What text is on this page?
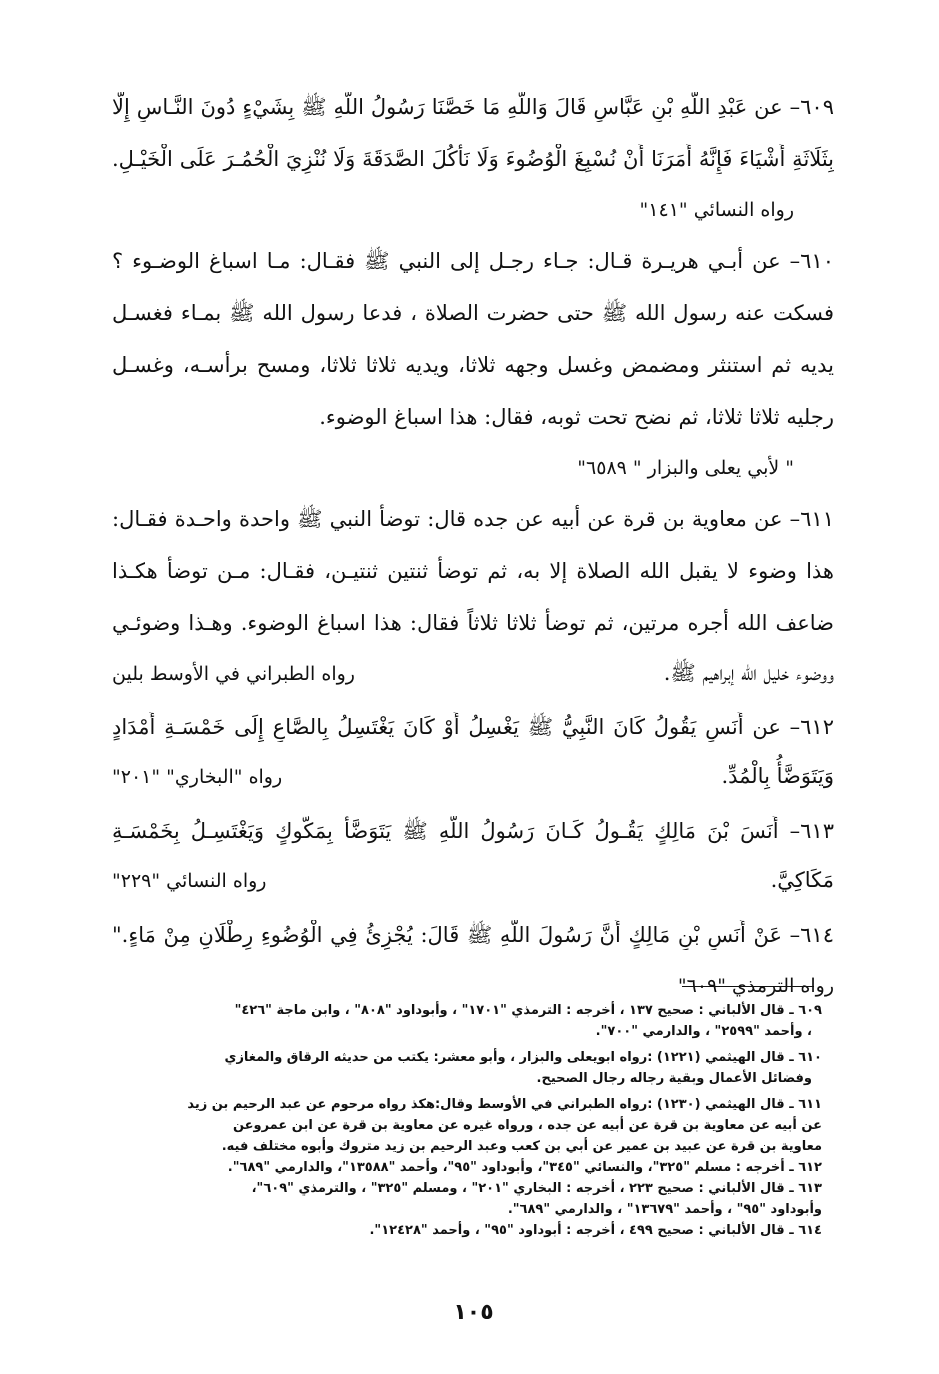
٦٠٩– عن عَبْدِ اللَّهِ بْنِ عَبَّاسٍ قَالَ وَاللَّهِ مَا خَصَّنَا رَسُولُ اللَّهِ ﷺ بِشَيْءٍ دُونَ النَّـاسِ إِلَّا
بِثَلَاثَةِ أَشْيَاءَ فَإِنَّهُ أَمَرَنَا أَنْ نُسْبِغَ الْوُضُوءَ وَلَا نَأْكُلَ الصَّدَقَةَ وَلَا نُنْزِيَ الْحُمُـرَ عَلَى الْخَيْـلِ.
رواه النسائي "١٤١"
٦١٠– عن أبـي هريـرة قـال: جـاء رجـل إلى النبي ﷺ فقـال: مـا اسباغ الوضـوء ؟
فسكت عنه رسول الله ﷺ حتى حضرت الصلاة ، فدعا رسول الله ﷺ بمـاء فغسـل
يديه ثم استنثر ومضمض وغسل وجهه ثلاثا، ويديه ثلاثا ثلاثا، ومسح برأسـه، وغسـل
رجليه ثلاثا ثلاثا، ثم نضح تحت ثوبه، فقال: هذا اسباغ الوضوء.
" لأبي يعلى والبزار " ٦٥٨٩"
٦١١– عن معاوية بن قرة عن أبيه عن جده قال: توضأ النبي ﷺ واحدة واحـدة فقـال:
هذا وضوء لا يقبل الله الصلاة إلا به، ثم توضأ ثنتين ثنتيـن، فقـال: مـن توضأ هكـذا
ضاعف الله أجره مرتين، ثم توضأ ثلاثا ثلاثاً فقال: هذا اسباغ الوضوء. وهـذا وضوئـي
ووضوء خليل الله إبراهيم ﷺ.
رواه الطبراني في الأوسط بلين
٦١٢– عن أَنَسٍ يَقُولُ كَانَ النَّبِيُّ ﷺ يَغْسِلُ أَوْ كَانَ يَغْتَسِلُ بِالصَّاعِ إِلَى خَمْسَـةِ أَمْدَادٍ
وَيَتَوَضَّأُ بِالْمُدِّ.
رواه "البخاري" "٢٠١"
٦١٣– أَنَسَ بْنَ مَالِكٍ يَقُـولُ كَـانَ رَسُولُ اللَّهِ ﷺ يَتَوَضَّأُ بِمَكُّوكٍ وَيَغْتَسِـلُ بِخَمْسَـةِ
مَكَاكِيَّ.
رواه النسائي "٢٢٩"
٦١٤– عَنْ أَنَسِ بْنِ مَالِكٍ أَنَّ رَسُولَ اللَّهِ ﷺ قَالَ: يُجْزِئُ فِي الْوُضُوءِ رِطْلَانِ مِنْ مَاءٍ."
رواه الترمذي "٦٠٩"
٦٠٩ ـ قال الألباني : صحيح ١٣٧ ، أخرجه : الترمذي "١٧٠١" ، وأبوداود "٨٠٨" ، وابن ماجة "٤٢٦"
، وأحمد "٢٥٩٩" ، والدارمي "٧٠٠".
٦١٠ ـ قال الهيثمي (١٢٢١) :رواه ابويعلى والبزار ، وأبو معشر: يكتب من حديثه الرقاق والمغازي
وفضائل الأعمال وبقية رجاله رجال الصحيح.
٦١١ ـ قال الهيثمي (١٢٣٠) :رواه الطبراني في الأوسط وقال:هكذ رواه مرحوم عن عبد الرحيم بن زيد
عن أبيه عن معاوية بن قرة عن أبيه عن جده ، ورواه غيره عن معاوية بن قرة عن ابن عمروعن
معاوية بن قرة عن عبيد بن عمير عن أبي بن كعب وعبد الرحيم بن زيد متروك وأبوه مختلف فيه.
٦١٢ ـ أخرجه : مسلم "٣٢٥"، والنسائي "٣٤٥"، وأبوداود "٩٥"، وأحمد "١٣٥٨٨"، والدارمي "٦٨٩".
٦١٣ ـ قال الألباني : صحيح ٢٢٣ ، أخرجه : البخاري "٢٠١" ، ومسلم "٣٢٥" ، والترمذي "٦٠٩"،
وأبوداود "٩٥" ، وأحمد "١٣٦٧٩" ، والدارمي "٦٨٩".
٦١٤ ـ قال الألباني : صحيح ٤٩٩ ، أخرجه : أبوداود "٩٥" ، وأحمد "١٢٤٢٨".
١٠٥
